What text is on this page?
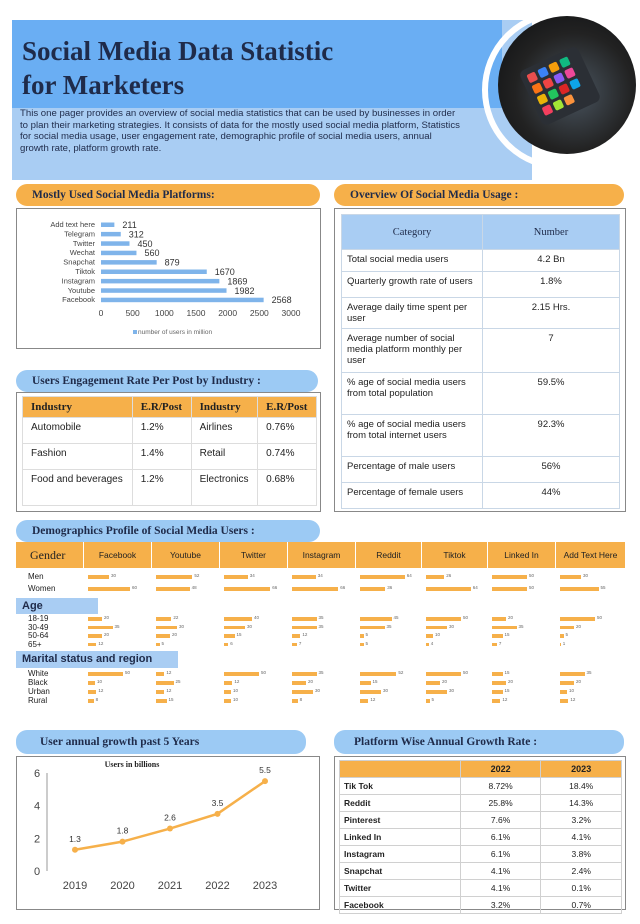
Social Media Data Statistic
for Marketers
This one pager provides an overview of social media statistics that can be used by businesses in order to plan their marketing strategies. It consists of data for the mostly used social media platform, Statistics for social media usage, user engagement rate, demographic profile of social media users, annual growth rate, platform growth rate.
Mostly Used Social Media Platforms:
Add text here	211
Telegram	312
Twitter	450
Wechat	560
Snapchat	879
Tiktok	1670
Instagram	1869
Youtube	1982
Facebook	2568
0	500 1000 1500 2000 2500 3000
number of users in million
Overview Of Social Media Usage :
Category	Number
Total social media users	4.2 Bn
Quarterly growth rate of users	1.8%
Average daily time spent per user	2.15 Hrs.
Average number of social media platform monthly per user	7
% age of social media users from total population	59.5%
% age of social media users from total internet users	92.3%
Percentage of male users	56%
Percentage of female users	44%
Users Engagement Rate Per Post by Industry :
Industry	E.R/Post	Industry	E.R/Post
Automobile	1.2%	Airlines	0.76%
Fashion	1.4%	Retail	0.74%
Food and beverages	1.2%	Electronics	0.68%
Demographics Profile of Social Media Users :
Gender	Facebook	Youtube	Twitter	Instagram	Reddit	Tiktok	Linked In	Add Text Here
Men	30	52	34	34	64	26	50	30
Women	60	48	66	66	36	64	50	55
18-19	20	22	40	35	45	50	20	50
30-49	35	30	30	35	35	30	35	20
50-64	20	20	15	12	5	10	15	5
65+	12	5	6	7	5	4	7	1
White	50	12	50	35	52	50	15	35
Black	10	25	12	20	15	20	20	20
Urban	12	12	10	30	30	30	15	10
Rural	8	15	10	8	12	5	12	12
Age
Marital status and region
User annual growth past 5 Years
Users in billions
0
2
4
6
2019 2020 2021 2022 2023
1.3
1.8
2.6
3.5
5.5
Platform Wise Annual Growth Rate :
	2022	2023
Tik Tok	8.72%	18.4%
Reddit	25.8%	14.3%
Pinterest	7.6%	3.2%
Linked In	6.1%	4.1%
Instagram	6.1%	3.8%
Snapchat	4.1%	2.4%
Twitter	4.1%	0.1%
Facebook	3.2%	0.7%
